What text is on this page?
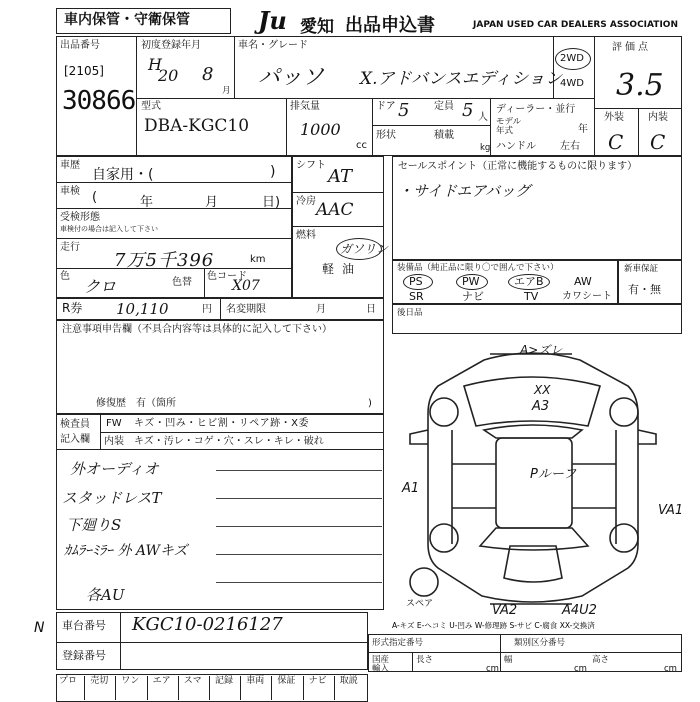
車内保管・守衛保管	Ju 愛知 出品申込書	JAPAN USED CAR DEALERS ASSOCIATION
出品番号
[2105]
30866
初度登録年月
H
20 8
月
車名・グレード
パッソ X.アドバンスエディション
2WD
4WD
評価点
3.5
型式
DBA-KGC10
排気量
1000
cc
ドア 5 定員 5 人
形状	積載
kg
ディーラー・並行
モデル 年式	年
ハンドル 左右
外装 内装
C C
車歴
自家用・(	)
車検 (	年	月	日)
受検形態
車検付の場合は記入して下さい
走行
7万5千396	km
色
クロ	色替
色コード
X07
シフト
AT
冷房 AAC
燃料
ガソリン
軽油
R券 10,110	円 名変期限	月	日
注意事項申告欄（不具合内容等は具体的に記入して下さい）
修復歴 有（箇所	)
セールスポイント（正常に機能するものに限ります）
・サイドエアバッグ
装備品（純正品に限り〇で囲んで下さい）
PS	PW	エアB	AW
SR	ナビ	TV カワシート
新車保証
有・無
後日品
検査員
記入欄
FW キズ・凹み・ヒビ割・リペア跡・X委
内装 キズ・汚レ・コゲ・穴・スレ・キレ・破れ
外オーディオ
スタッドレスT
下廻りS
ｶﾑﾗｰﾐﾗｰ 外 AWキズ
各AU
A>ズレ
XX
A3
Pルーフ
A1
VA1
VA2	A4U2
スペア
A-キズ E-ヘコミ U-凹み W-修理跡 S-サビ C-腐食 XX-交換済
N 車台番号 KGC10-0216127
登録番号
形式指定番号	類別区分番号
国産
輸入
長さ
cm
幅
cm
高さ
cm
プロ	売切	ワン	エア	スマ	記録	車両	保証	ナビ	取説
